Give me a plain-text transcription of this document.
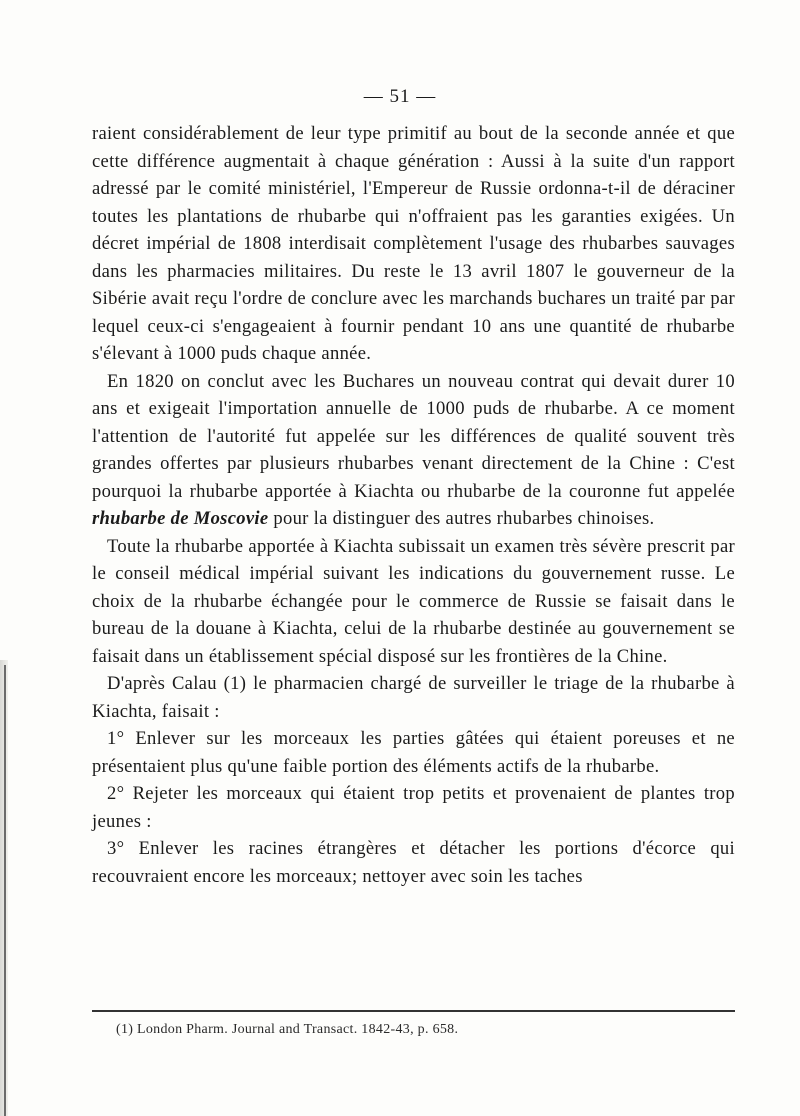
— 51 —

raient considérablement de leur type primitif au bout de la seconde année et que cette différence augmentait à chaque génération : Aussi à la suite d'un rapport adressé par le comité ministériel, l'Empereur de Russie ordonna-t-il de déraciner toutes les plantations de rhubarbe qui n'offraient pas les garanties exigées. Un décret impérial de 1808 interdisait complètement l'usage des rhubarbes sauvages dans les pharmacies militaires. Du reste le 13 avril 1807 le gouverneur de la Sibérie avait reçu l'ordre de conclure avec les marchands buchares un traité par par lequel ceux-ci s'engageaient à fournir pendant 10 ans une quantité de rhubarbe s'élevant à 1000 puds chaque année.

En 1820 on conclut avec les Buchares un nouveau contrat qui devait durer 10 ans et exigeait l'importation annuelle de 1000 puds de rhubarbe. A ce moment l'attention de l'autorité fut appelée sur les différences de qualité souvent très grandes offertes par plusieurs rhubarbes venant directement de la Chine : C'est pourquoi la rhubarbe apportée à Kiachta ou rhubarbe de la couronne fut appelée rhubarbe de Moscovie pour la distinguer des autres rhubarbes chinoises.

Toute la rhubarbe apportée à Kiachta subissait un examen très sévère prescrit par le conseil médical impérial suivant les indications du gouvernement russe. Le choix de la rhubarbe échangée pour le commerce de Russie se faisait dans le bureau de la douane à Kiachta, celui de la rhubarbe destinée au gouvernement se faisait dans un établissement spécial disposé sur les frontières de la Chine.

D'après Calau (1) le pharmacien chargé de surveiller le triage de la rhubarbe à Kiachta, faisait :

1° Enlever sur les morceaux les parties gâtées qui étaient poreuses et ne présentaient plus qu'une faible portion des éléments actifs de la rhubarbe.

2° Rejeter les morceaux qui étaient trop petits et provenaient de plantes trop jeunes :

3° Enlever les racines étrangères et détacher les portions d'écorce qui recouvraient encore les morceaux; nettoyer avec soin les taches

(1) London Pharm. Journal and Transact. 1842-43, p. 658.
